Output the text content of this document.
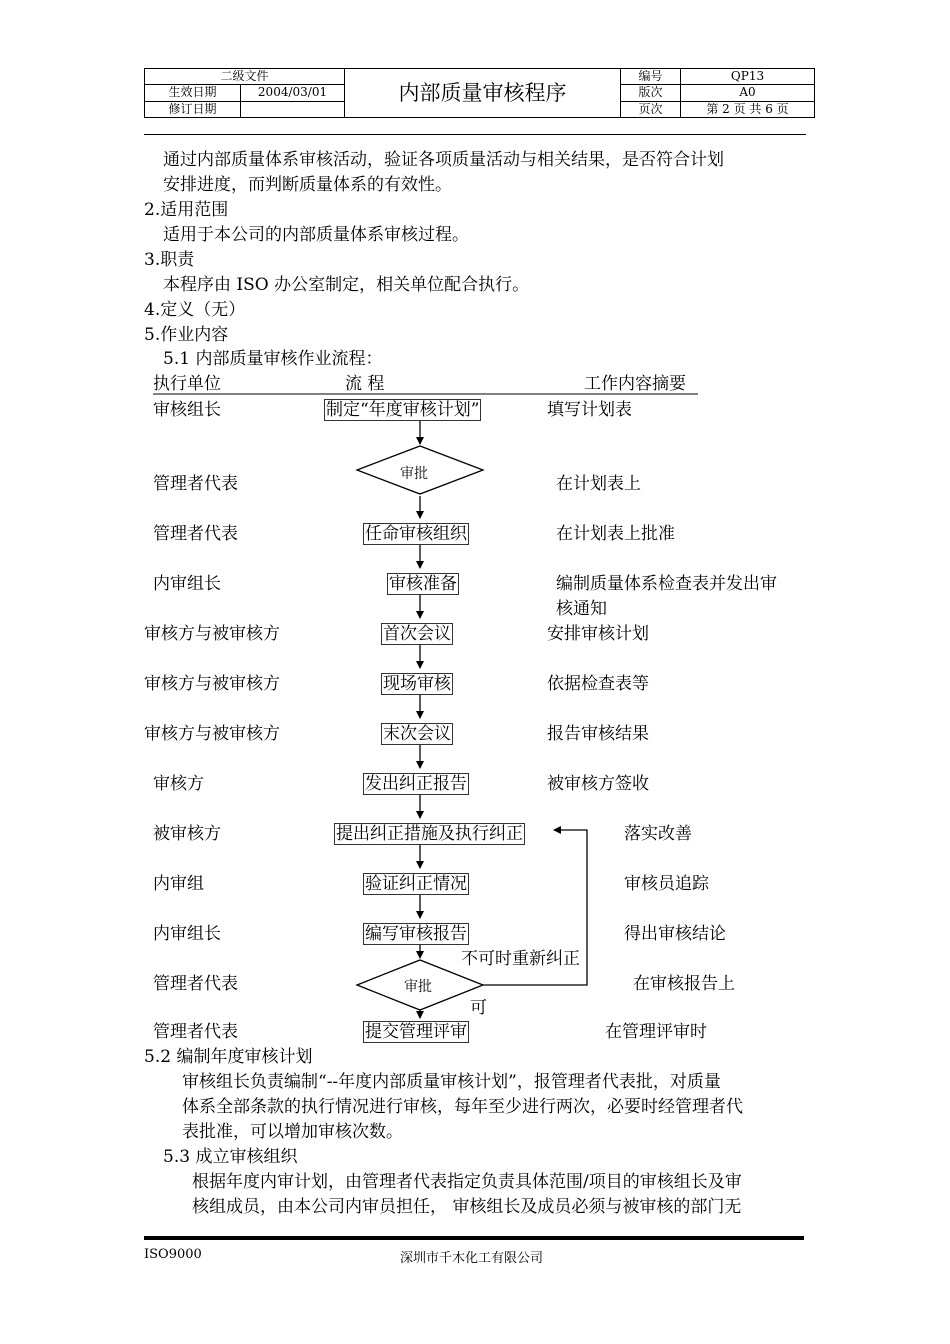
二级文件		内部质量审核程序	编号	QP13
生效日期	2004/03/01		版次	A0
修订日期			页次	第 2 页 共 6 页
通过内部质量体系审核活动，验证各项质量活动与相关结果，是否符合计划
安排进度，而判断质量体系的有效性。
2.适用范围
适用于本公司的内部质量体系审核过程。
3.职责
本程序由 ISO 办公室制定，相关单位配合执行。
4.定义（无）
5.作业内容
5.1 内部质量审核作业流程：
执行单位	流 程	工作内容摘要
审核组长	制定“年度审核计划”	填写计划表
管理者代表	审批	在计划表上
管理者代表	任命审核组织	在计划表上批准
内审组长	审核准备	编制质量体系检查表并发出审
核通知
审核方与被审核方	首次会议	安排审核计划
审核方与被审核方	现场审核	依据检查表等
审核方与被审核方	末次会议	报告审核结果
审核方	发出纠正报告	被审核方签收
被审核方	提出纠正措施及执行纠正	落实改善
内审组	验证纠正情况	审核员追踪
内审组长	编写审核报告	得出审核结论
不可时重新纠正
管理者代表	审批	在审核报告上
可
管理者代表	提交管理评审	在管理评审时
5.2 编制年度审核计划
审核组长负责编制“--年度内部质量审核计划”，报管理者代表批，对质量
体系全部条款的执行情况进行审核，每年至少进行两次，必要时经管理者代
表批准，可以增加审核次数。
5.3 成立审核组织
根据年度内审计划，由管理者代表指定负责具体范围/项目的审核组长及审
核组成员，由本公司内审员担任， 审核组长及成员必须与被审核的部门无
ISO9000	深圳市千木化工有限公司
